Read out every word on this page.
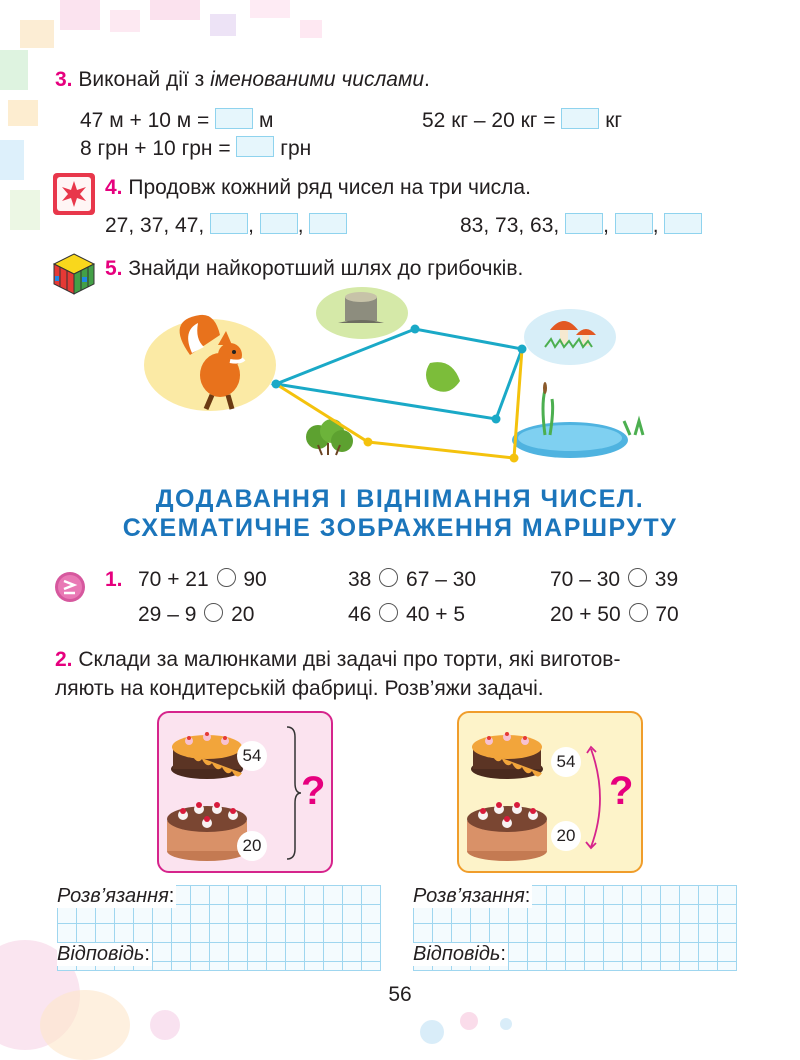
3. Виконай дії з іменованими числами.
47 м + 10 м = м	52 кг – 20 кг = кг
8 грн + 10 грн = грн
4. Продовж кожний ряд чисел на три числа.
27, 37, 47, , ,	83, 73, 63, , ,
5. Знайди найкоротший шлях до грибочків.
ДОДАВАННЯ І ВІДНІМАННЯ ЧИСЕЛ.
СХЕМАТИЧНЕ ЗОБРАЖЕННЯ МАРШРУТУ
1. 70 + 21 90	38 67 – 30	70 – 30 39
29 – 9 20	46 40 + 5	20 + 50 70
2. Склади за малюнками дві задачі про торти, які виготов-
ляють на кондитерській фабриці. Розв’яжи задачі.
54
20
?
54
20
?
Розв’язання:
Відповідь:
Розв’язання:
Відповідь:
56
